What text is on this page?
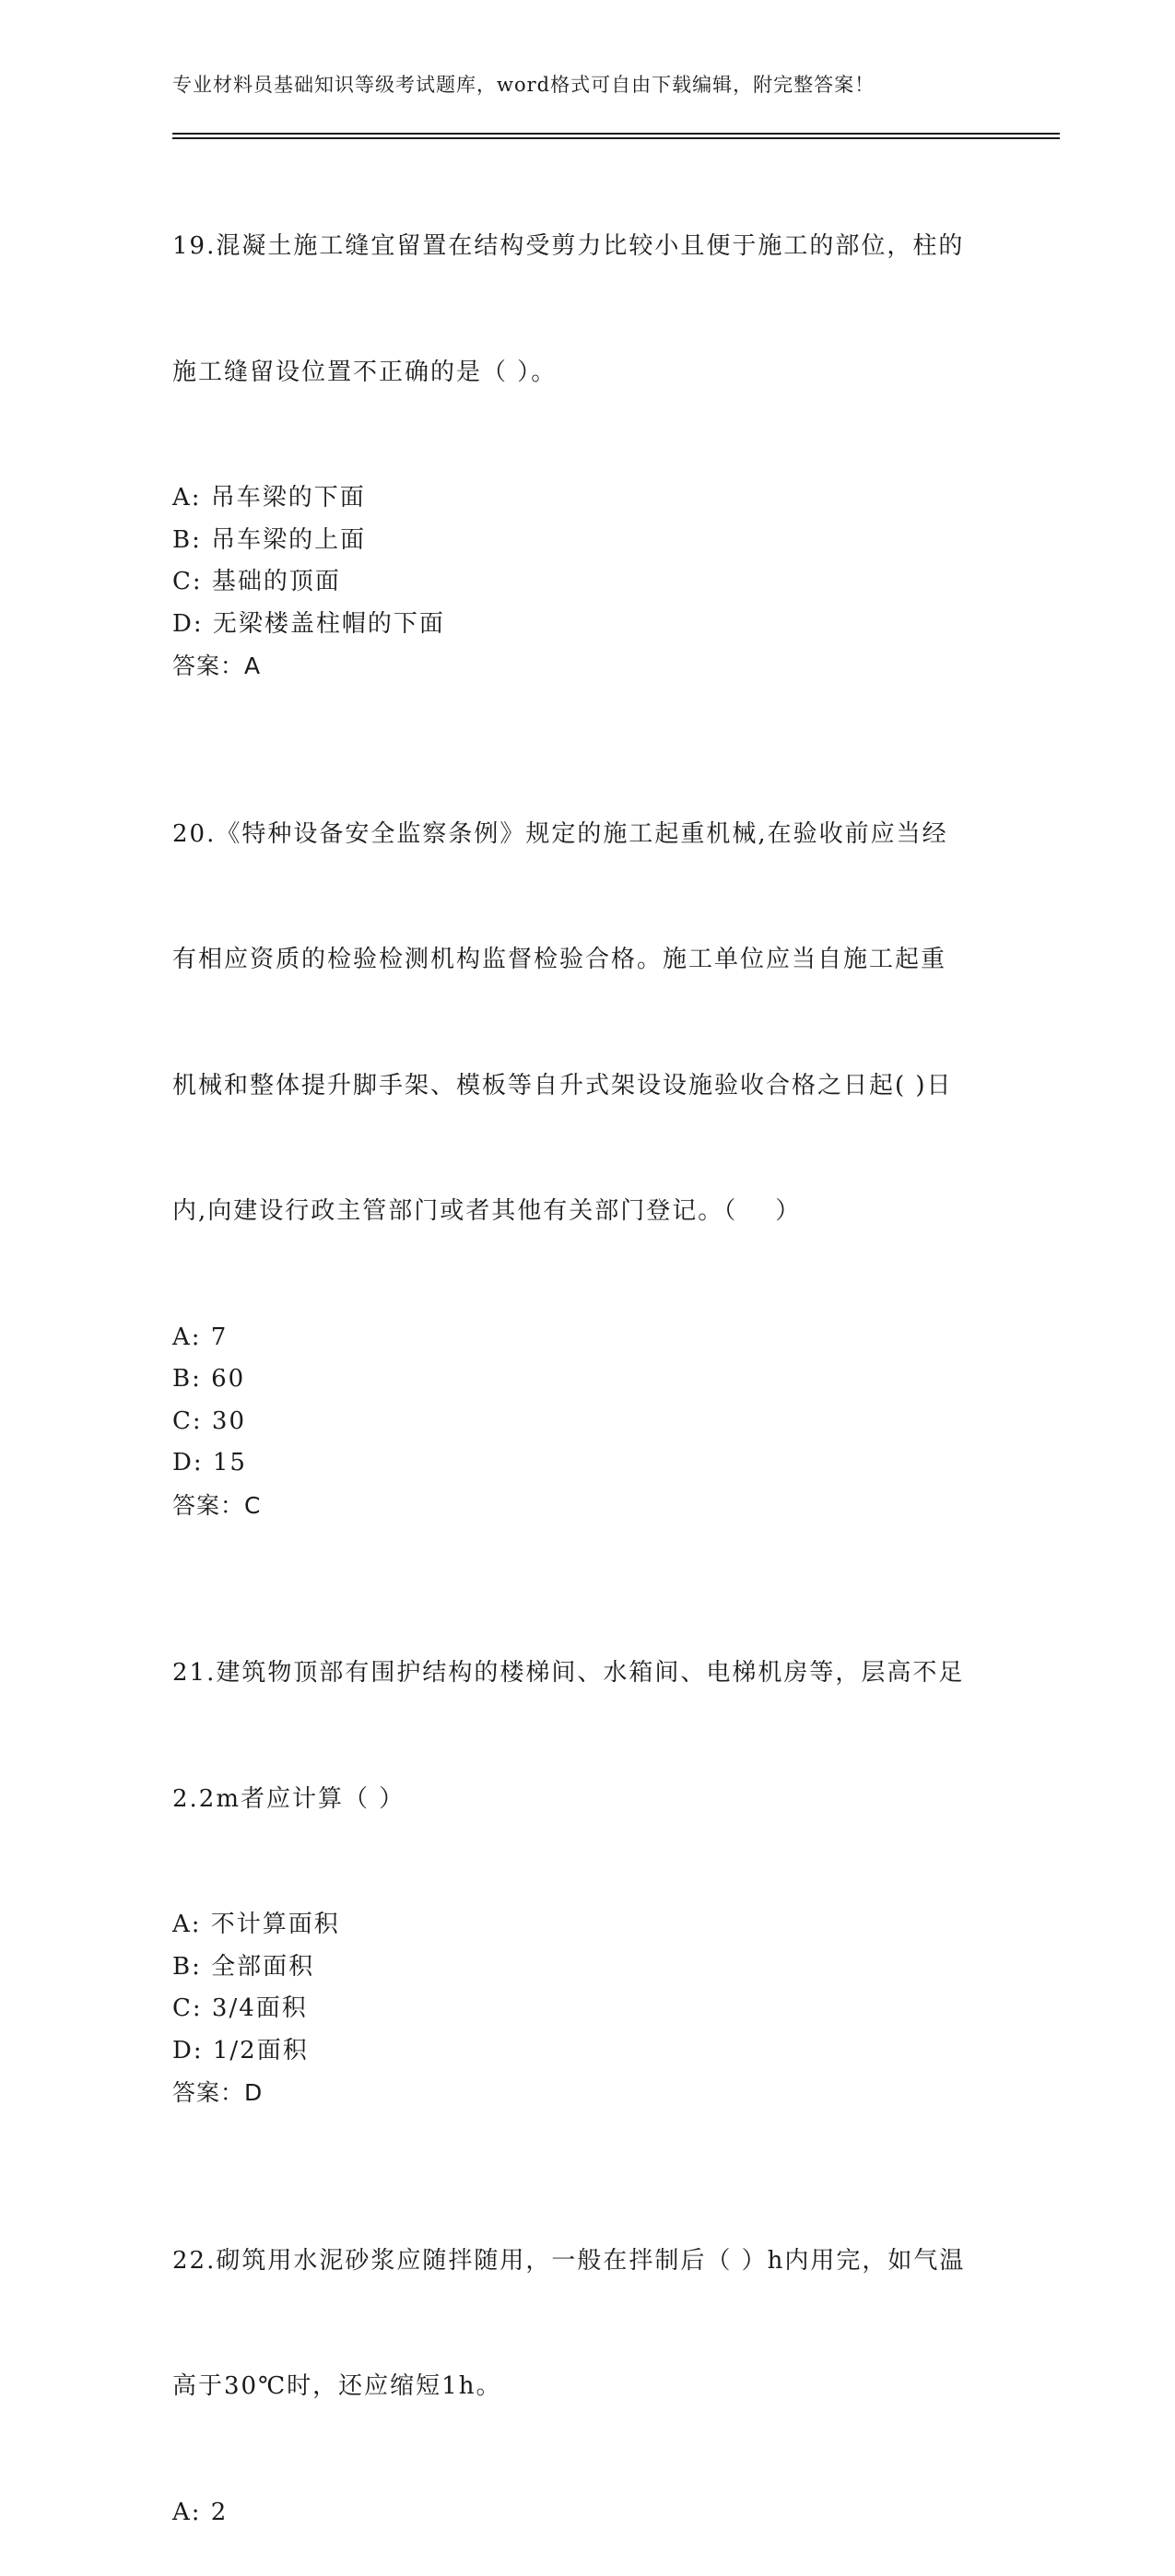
专业材料员基础知识等级考试题库，word格式可自由下载编辑，附完整答案！

19.混凝土施工缝宜留置在结构受剪力比较小且便于施工的部位，柱的

施工缝留设位置不正确的是（ ）。

A: 吊车梁的下面
B: 吊车梁的上面
C: 基础的顶面
D: 无梁楼盖柱帽的下面
答案：A

20.《特种设备安全监察条例》规定的施工起重机械,在验收前应当经

有相应资质的检验检测机构监督检验合格。施工单位应当自施工起重

机械和整体提升脚手架、模板等自升式架设设施验收合格之日起( )日

内,向建设行政主管部门或者其他有关部门登记。（    ）

A: 7
B: 60
C: 30
D: 15
答案：C

21.建筑物顶部有围护结构的楼梯间、水箱间、电梯机房等，层高不足

2.2m者应计算（ ）

A: 不计算面积
B: 全部面积
C: 3/4面积
D: 1/2面积
答案：D

22.砌筑用水泥砂浆应随拌随用，一般在拌制后（ ）h内用完，如气温

高于30℃时，还应缩短1h。

A: 2
